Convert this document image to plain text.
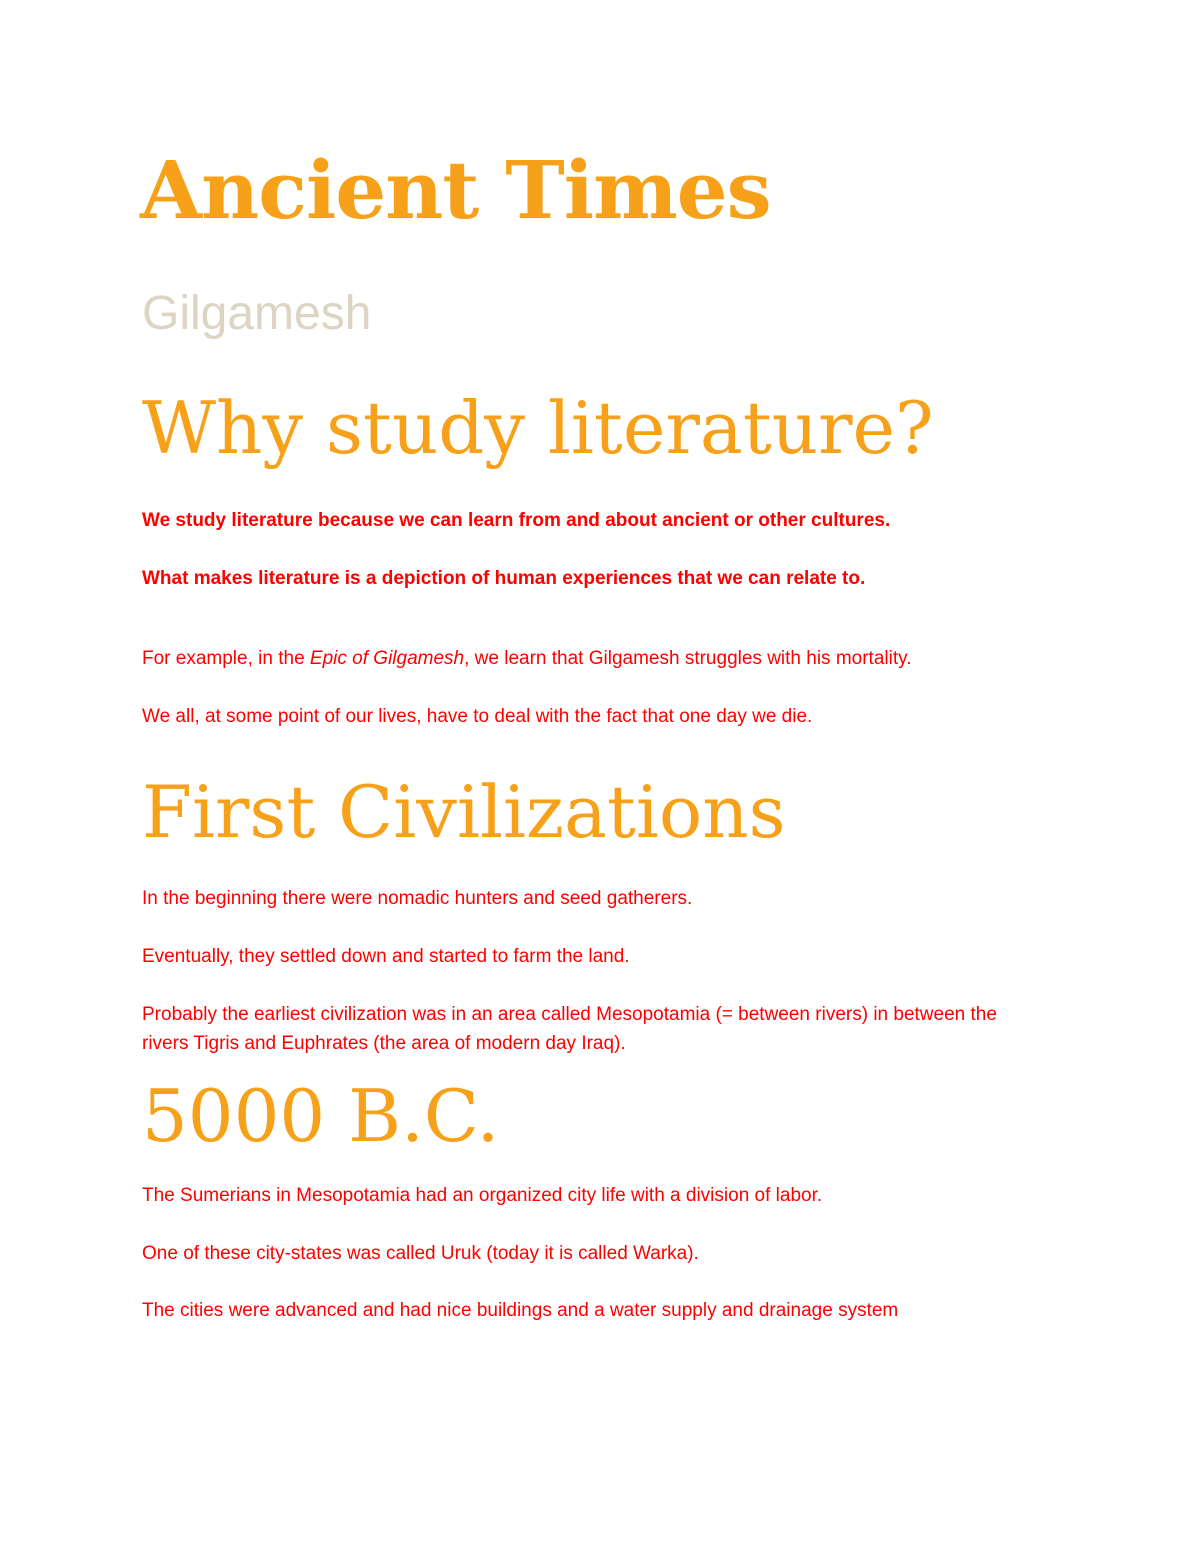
Ancient Times
Gilgamesh
Why study literature?

We study literature because we can learn from and about ancient or other cultures.

What makes literature is a depiction of human experiences that we can relate to.

For example, in the Epic of Gilgamesh, we learn that Gilgamesh struggles with his mortality.

We all, at some point of our lives, have to deal with the fact that one day we die.

First Civilizations

In the beginning there were nomadic hunters and seed gatherers.

Eventually, they settled down and started to farm the land.

Probably the earliest civilization was in an area called Mesopotamia (= between rivers) in between the rivers Tigris and Euphrates (the area of modern day Iraq).

5000 B.C.

The Sumerians in Mesopotamia had an organized city life with a division of labor.

One of these city-states was called Uruk (today it is called Warka).

The cities were advanced and had nice buildings and a water supply and drainage system
